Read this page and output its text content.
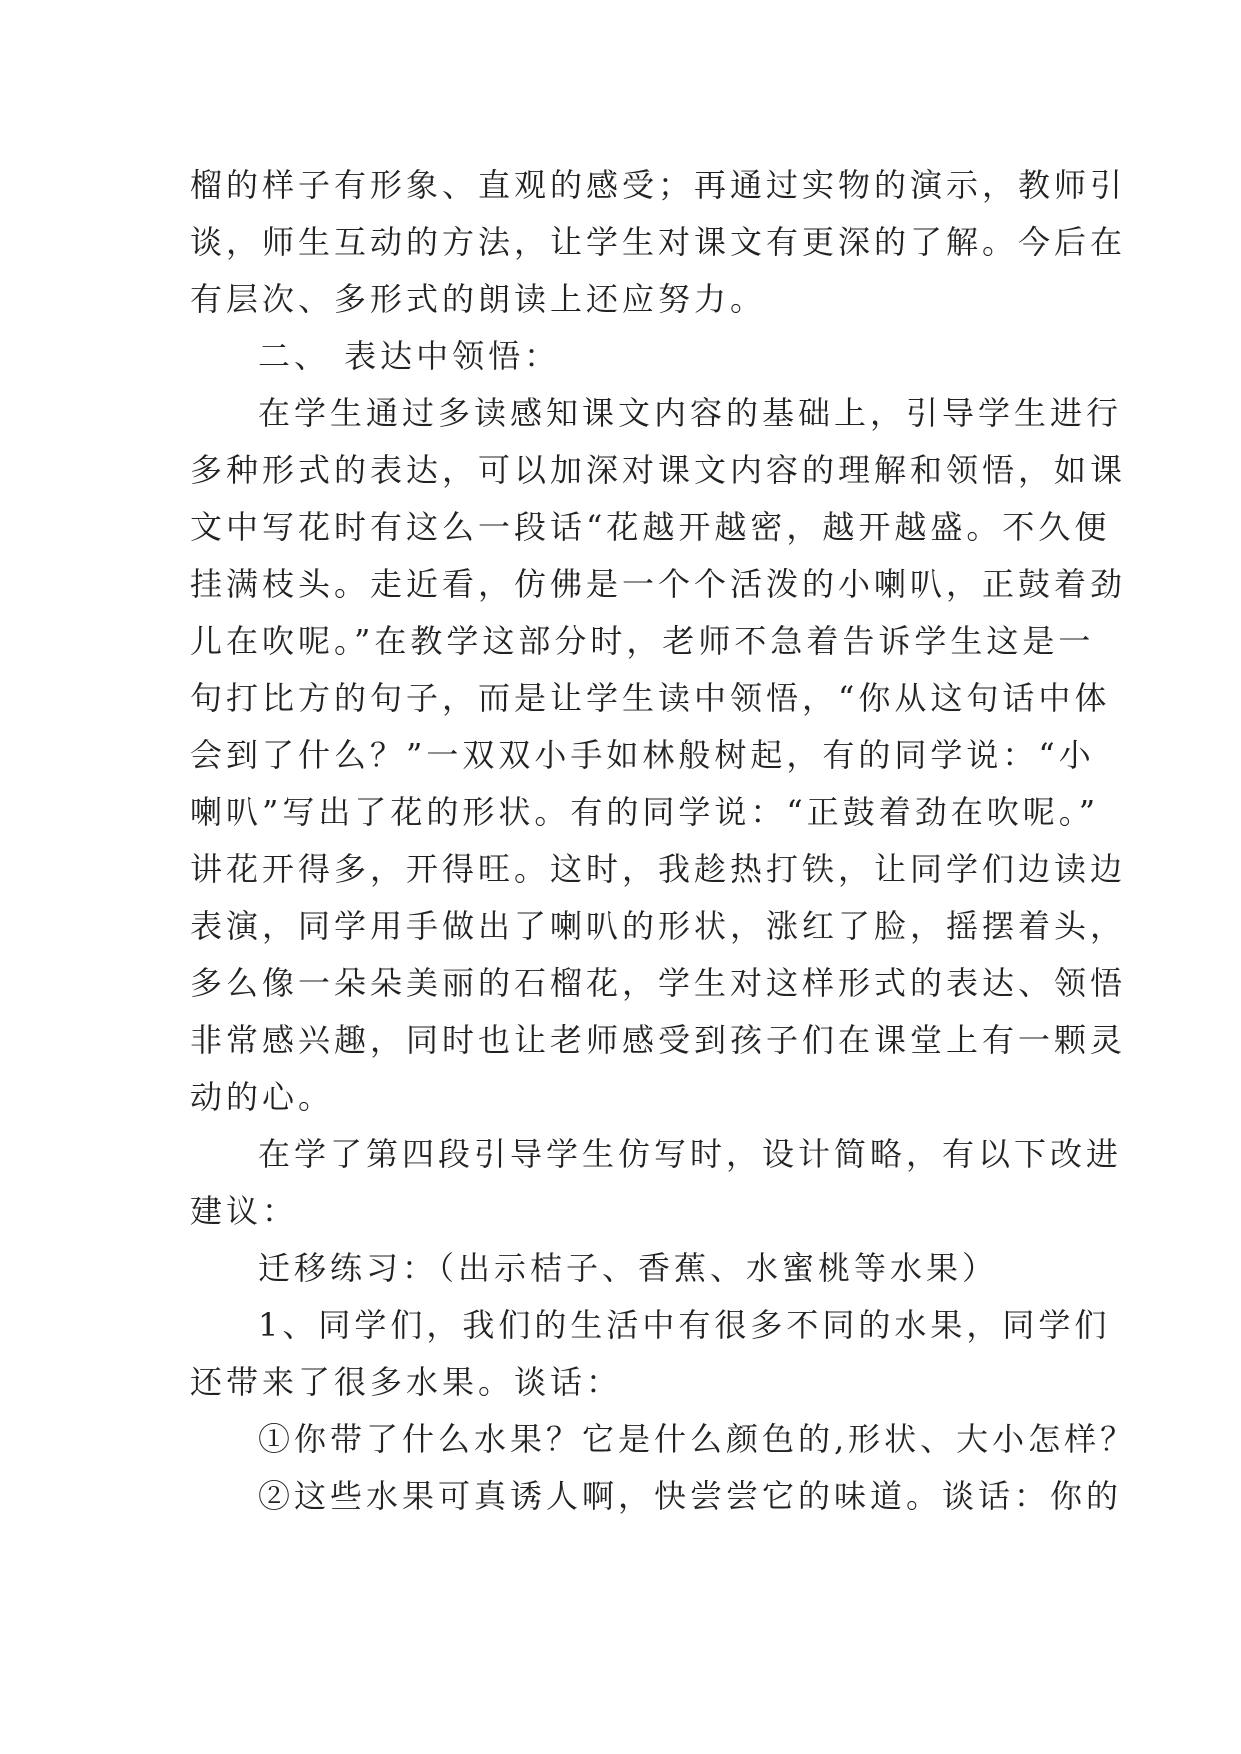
榴的样子有形象、直观的感受；再通过实物的演示，教师引
谈，师生互动的方法，让学生对课文有更深的了解。今后在
有层次、多形式的朗读上还应努力。
二、 表达中领悟：
在学生通过多读感知课文内容的基础上，引导学生进行
多种形式的表达，可以加深对课文内容的理解和领悟，如课
文中写花时有这么一段话“花越开越密，越开越盛。不久便
挂满枝头。走近看，仿佛是一个个活泼的小喇叭，正鼓着劲
儿在吹呢。”在教学这部分时，老师不急着告诉学生这是一
句打比方的句子，而是让学生读中领悟，“你从这句话中体
会到了什么？”一双双小手如林般树起，有的同学说：“小
喇叭”写出了花的形状。有的同学说：“正鼓着劲在吹呢。”
讲花开得多，开得旺。这时，我趁热打铁，让同学们边读边
表演，同学用手做出了喇叭的形状，涨红了脸，摇摆着头，
多么像一朵朵美丽的石榴花，学生对这样形式的表达、领悟
非常感兴趣，同时也让老师感受到孩子们在课堂上有一颗灵
动的心。
在学了第四段引导学生仿写时，设计简略，有以下改进
建议：
迁移练习：（出示桔子、香蕉、水蜜桃等水果）
1、同学们，我们的生活中有很多不同的水果，同学们
还带来了很多水果。谈话：
①你带了什么水果？它是什么颜色的,形状、大小怎样？
②这些水果可真诱人啊，快尝尝它的味道。谈话：你的
